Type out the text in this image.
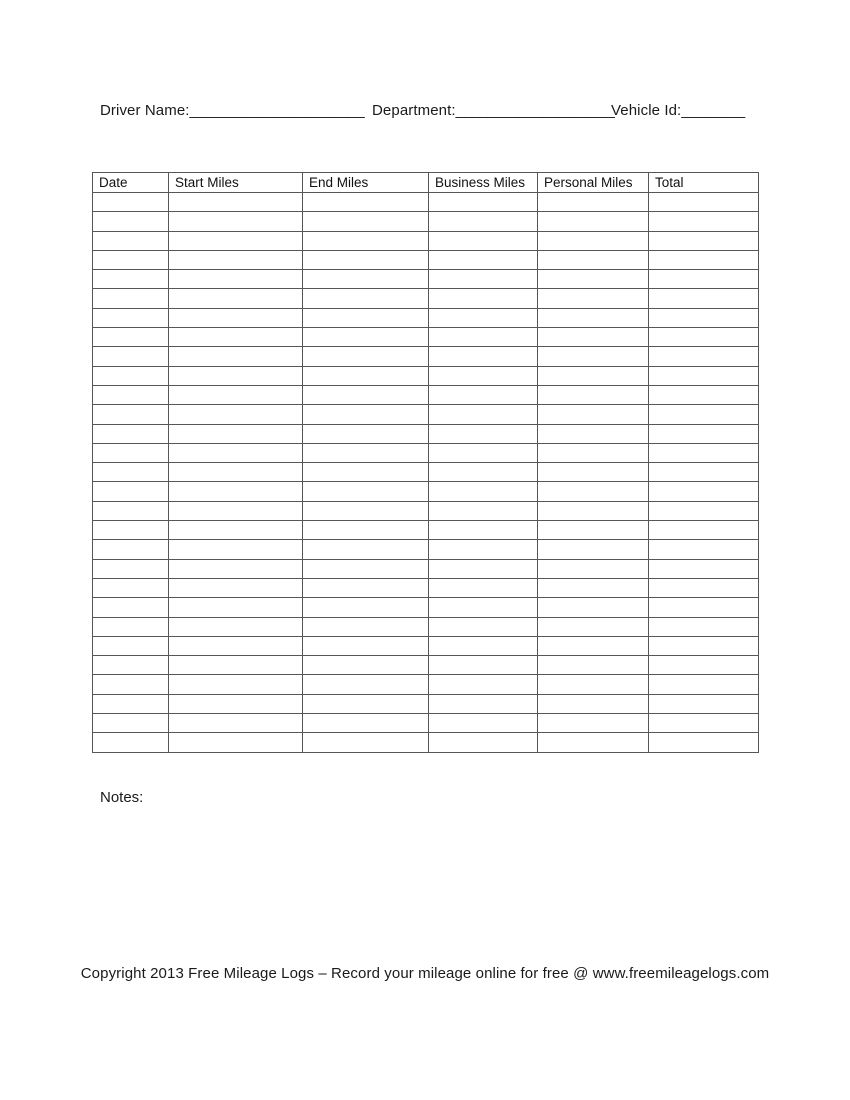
Driver Name:______________________ Department:____________________
Vehicle Id:________
Date	Start Miles	End Miles	Business Miles	Personal Miles	Total

Notes:
Copyright 2013 Free Mileage Logs – Record your mileage online for free @ www.freemileagelogs.com
